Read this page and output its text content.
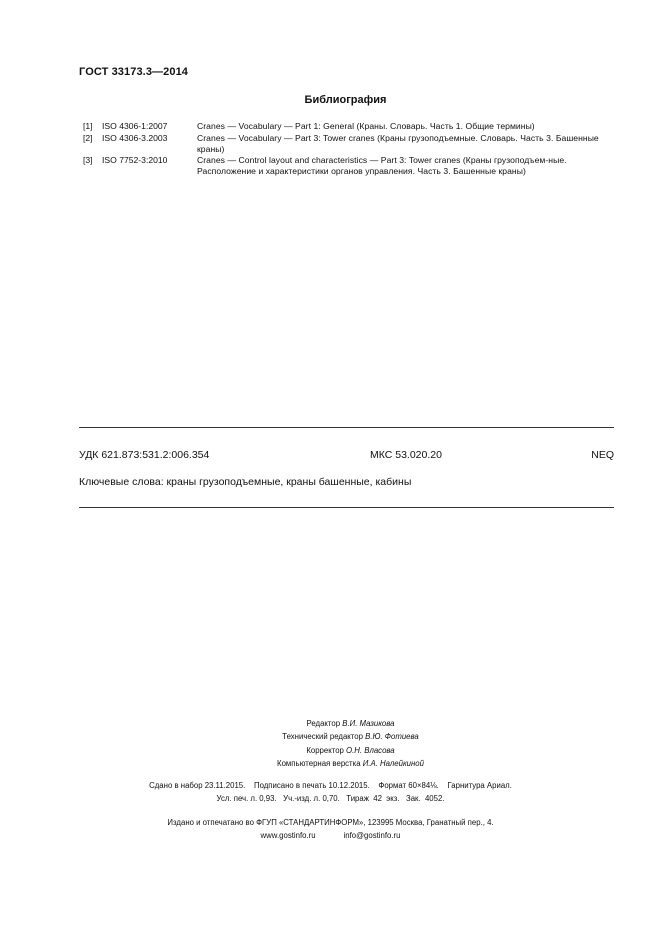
ГОСТ 33173.3—2014
Библиография
[1]	ISO 4306-1:2007	Cranes — Vocabulary — Part 1: General (Краны. Словарь. Часть 1. Общие термины)
[2]	ISO 4306-3.2003	Cranes — Vocabulary — Part 3: Tower cranes (Краны грузоподъемные. Словарь. Часть 3. Башенные краны)
[3]	ISO 7752-3:2010	Cranes — Control layout and characteristics — Part 3: Tower cranes (Краны грузоподъем-ные. Расположение и характеристики органов управления. Часть 3. Башенные краны)
УДК 621.873:531.2:006.354	МКС 53.020.20	NEQ
Ключевые слова: краны грузоподъемные, краны башенные, кабины
Редактор В.И. Мазикова
Технический редактор В.Ю. Фотиева
Корректор О.Н. Власова
Компьютерная верстка И.А. Налейкиной
Сдано в набор 23.11.2015.    Подписано в печать 10.12.2015.    Формат 60×84⅛.    Гарнитура Ариал.
Усл. печ. л. 0,93.   Уч.-изд. л. 0,70.   Тираж  42  экз.   Зак.  4052.
Издано и отпечатано во ФГУП «СТАНДАРТИНФОРМ», 123995 Москва, Гранатный пер., 4.
www.gostinfo.ru	info@gostinfo.ru
